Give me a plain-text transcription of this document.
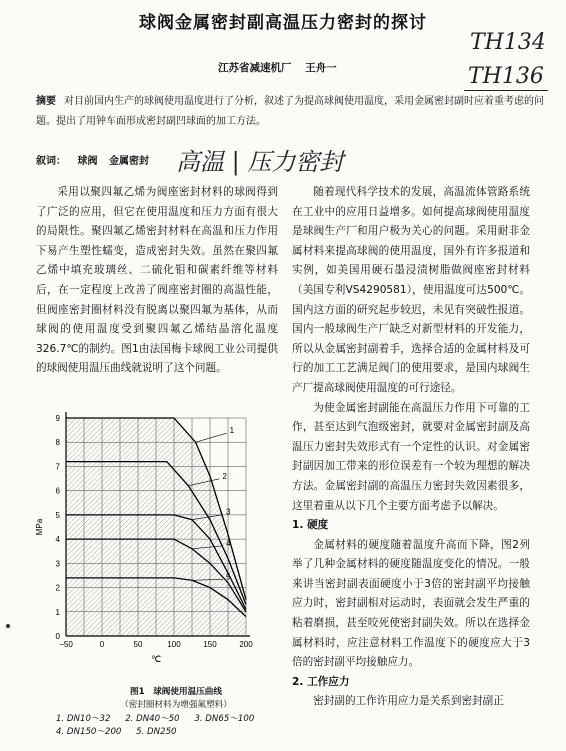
球阀金属密封副高温压力密封的探讨
TH134
TH136
江苏省减速机厂 王舟一
摘要 对目前国内生产的球阀使用温度进行了分析，叙述了为提高球阀使用温度，采用金属密封副时应着重考虑的问题。提出了用钟车面形成密封副凹球面的加工方法。
叙词： 球阀 金属密封	高温 | 压力密封

采用以聚四氟乙烯为阀座密封材料的球阀得到了广泛的应用，但它在使用温度和压力方面有很大的局限性。聚四氟乙烯密封材料在高温和压力作用下易产生塑性蠕变，造成密封失效。虽然在聚四氟乙烯中填充玻璃丝、二硫化钼和碳素纤维等材料后，在一定程度上改善了阀座密封圈的高温性能，但阀座密封圈材料没有脱离以聚四氟为基体，从而球阀的使用温度受到聚四氟乙烯结晶溶化温度326.7℃的制约。图1由法国梅卡球阀工业公司提供的球阀使用温压曲线就说明了这个问题。

随着现代科学技术的发展，高温流体管路系统在工业中的应用日益增多。如何提高球阀使用温度是球阀生产厂和用户极为关心的问题。采用耐非金属材料来提高球阀的使用温度，国外有许多报道和实例，如美国用硬石墨浸渍树脂做阀座密封材料（美国专利VS4290581），使用温度可达500℃。国内这方面的研究起步较迟，未见有突破性报道。国内一般球阀生产厂缺乏对新型材料的开发能力，所以从金属密封副着手，选择合适的金属材料及可行的加工工艺满足阀门的使用要求，是国内球阀生产厂提高球阀使用温度的可行途径。

为使金属密封副能在高温压力作用下可靠的工作，甚至达到气泡级密封，就要对金属密封副及高温压力密封失效形式有一个定性的认识。对金属密封副因加工带来的形位误差有一个较为理想的解决方法。金属密封副的高温压力密封失效因素很多，这里着重从以下几个主要方面考虑予以解决。

1. 硬度

金属材料的硬度随着温度升高而下降，图2列举了几种金属材料的硬度随温度变化的情况。一般来讲当密封副表面硬度小于3倍的密封副平均接触应力时，密封副相对运动时，表面就会发生严重的粘着磨损，甚至咬死使密封副失效。所以在选择金属材料时，应注意材料工作温度下的硬度应大于3倍的密封副平均接触应力。

2. 工作应力

密封副的工作许用应力是关系到密封副正

0
1
2
3
4
5
6
7
8
9
−50	0	50	100	150	200
MPa
℃
1
2
3
4
5
图1　球阀使用温压曲线
（密封圈材料为增强氟塑料）
1. DN10～32 2. DN40～50 3. DN65～100
4. DN150～200 5. DN250
